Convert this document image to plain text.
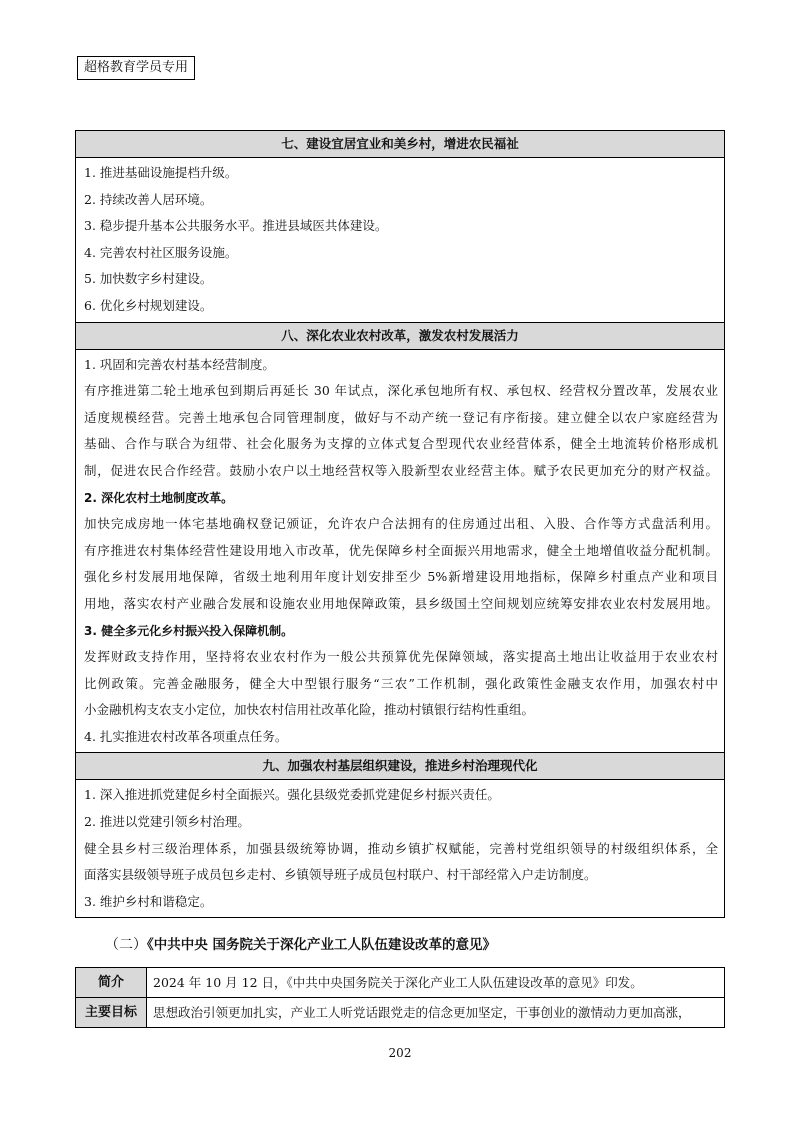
超格教育学员专用
七、建设宜居宜业和美乡村，增进农民福祉
1. 推进基础设施提档升级。
2. 持续改善人居环境。
3. 稳步提升基本公共服务水平。推进县域医共体建设。
4. 完善农村社区服务设施。
5. 加快数字乡村建设。
6. 优化乡村规划建设。
八、深化农业农村改革，激发农村发展活力
1. 巩固和完善农村基本经营制度。
有序推进第二轮土地承包到期后再延长 30 年试点，深化承包地所有权、承包权、经营权分置改革，发展农业
适度规模经营。完善土地承包合同管理制度，做好与不动产统一登记有序衔接。建立健全以农户家庭经营为
基础、合作与联合为纽带、社会化服务为支撑的立体式复合型现代农业经营体系，健全土地流转价格形成机
制，促进农民合作经营。鼓励小农户以土地经营权等入股新型农业经营主体。赋予农民更加充分的财产权益。
2. 深化农村土地制度改革。
加快完成房地一体宅基地确权登记颁证，允许农户合法拥有的住房通过出租、入股、合作等方式盘活利用。
有序推进农村集体经营性建设用地入市改革，优先保障乡村全面振兴用地需求，健全土地增值收益分配机制。
强化乡村发展用地保障，省级土地利用年度计划安排至少 5%新增建设用地指标，保障乡村重点产业和项目
用地，落实农村产业融合发展和设施农业用地保障政策，县乡级国土空间规划应统筹安排农业农村发展用地。
3. 健全多元化乡村振兴投入保障机制。
发挥财政支持作用，坚持将农业农村作为一般公共预算优先保障领域，落实提高土地出让收益用于农业农村
比例政策。完善金融服务，健全大中型银行服务“三农”工作机制，强化政策性金融支农作用，加强农村中
小金融机构支农支小定位，加快农村信用社改革化险，推动村镇银行结构性重组。
4. 扎实推进农村改革各项重点任务。
九、加强农村基层组织建设，推进乡村治理现代化
1. 深入推进抓党建促乡村全面振兴。强化县级党委抓党建促乡村振兴责任。
2. 推进以党建引领乡村治理。
健全县乡村三级治理体系，加强县级统筹协调，推动乡镇扩权赋能，完善村党组织领导的村级组织体系，全
面落实县级领导班子成员包乡走村、乡镇领导班子成员包村联户、村干部经常入户走访制度。
3. 维护乡村和谐稳定。
（二）《中共中央 国务院关于深化产业工人队伍建设改革的意见》
简介	2024 年 10 月 12 日，《中共中央国务院关于深化产业工人队伍建设改革的意见》印发。
主要目标	思想政治引领更加扎实，产业工人听党话跟党走的信念更加坚定，干事创业的激情动力更加高涨，
202
